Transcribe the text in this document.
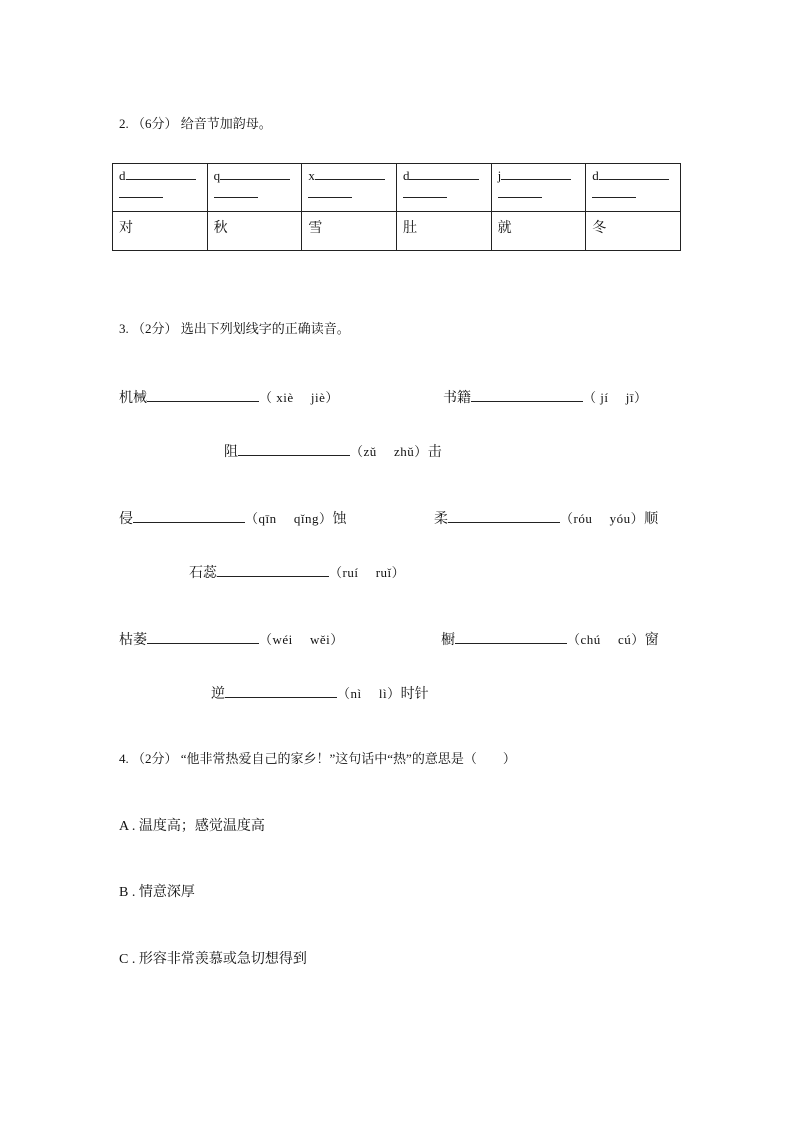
2. （6分） 给音节加韵母。
d	q	x	d	j	d

对	秋	雪	肚	就	冬
3. （2分） 选出下列划线字的正确读音。
机械	（ xiè　 jiè）	书籍	（ jí　 jī）
阻	（zǔ　 zhǔ）击
侵	（qīn　 qǐng）蚀	柔	（róu　 yóu）顺
石蕊	（ruí　 ruǐ）
枯萎	（wéi　 wěi）	橱	（chú　 cú）窗
逆	（nì　 lì）时针
4. （2分） “他非常热爱自己的家乡！”这句话中“热”的意思是（　　）
A . 温度高；感觉温度高
B . 情意深厚
C . 形容非常羡慕或急切想得到
